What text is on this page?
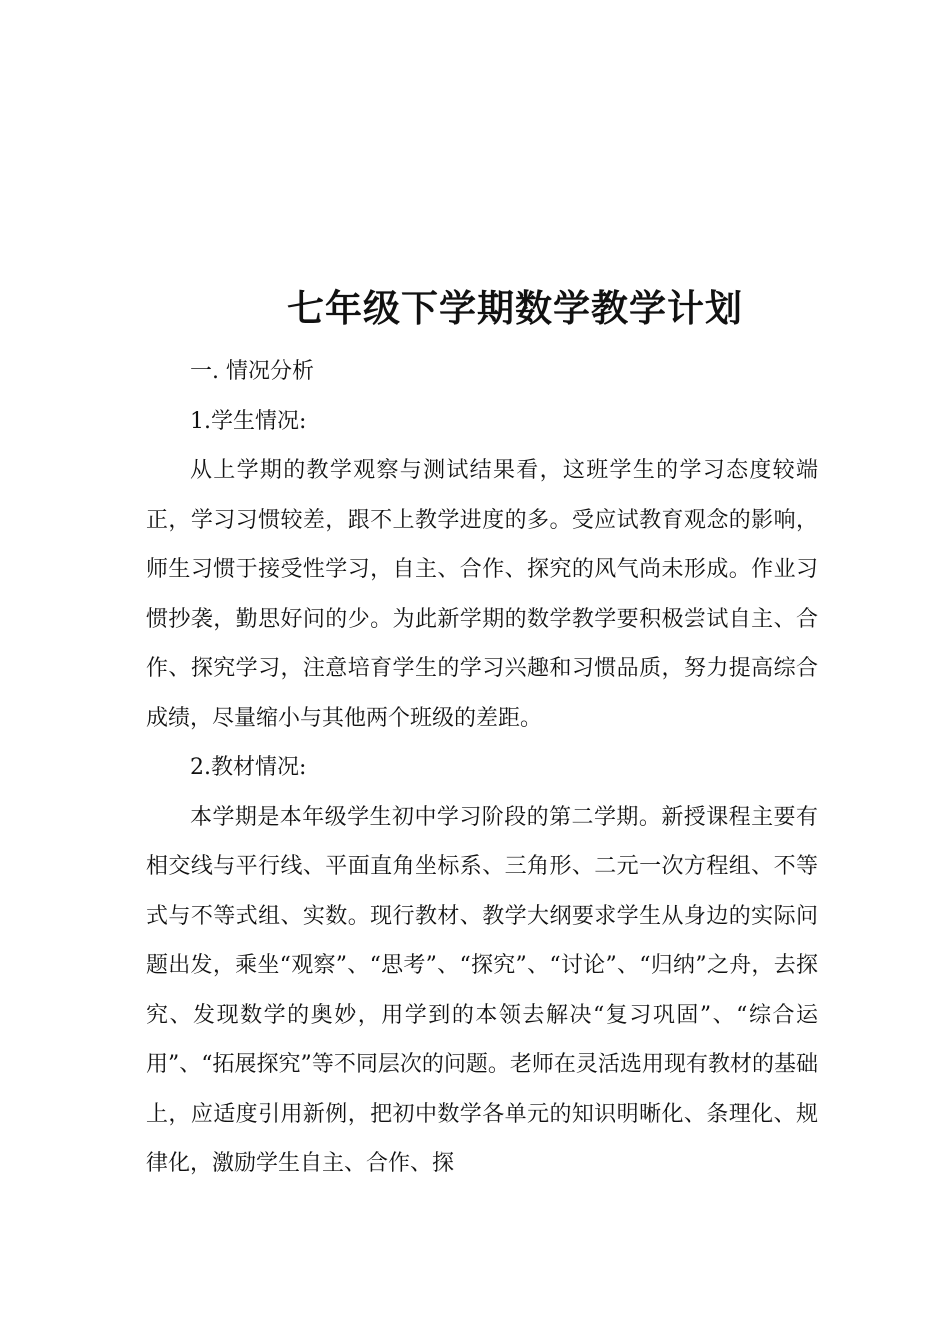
七年级下学期数学教学计划

一. 情况分析

1.学生情况:

从上学期的教学观察与测试结果看，这班学生的学习态度较端正，学习习惯较差，跟不上教学进度的多。受应试教育观念的影响，师生习惯于接受性学习，自主、合作、探究的风气尚未形成。作业习惯抄袭，勤思好问的少。为此新学期的数学教学要积极尝试自主、合作、探究学习，注意培育学生的学习兴趣和习惯品质，努力提高综合成绩，尽量缩小与其他两个班级的差距。

2.教材情况:

本学期是本年级学生初中学习阶段的第二学期。新授课程主要有相交线与平行线、平面直角坐标系、三角形、二元一次方程组、不等式与不等式组、实数。现行教材、教学大纲要求学生从身边的实际问题出发，乘坐“观察”、“思考”、“探究”、“讨论”、“归纳”之舟，去探究、发现数学的奥妙，用学到的本领去解决“复习巩固”、“综合运用”、“拓展探究”等不同层次的问题。老师在灵活选用现有教材的基础上，应适度引用新例，把初中数学各单元的知识明晰化、条理化、规律化，激励学生自主、合作、探
